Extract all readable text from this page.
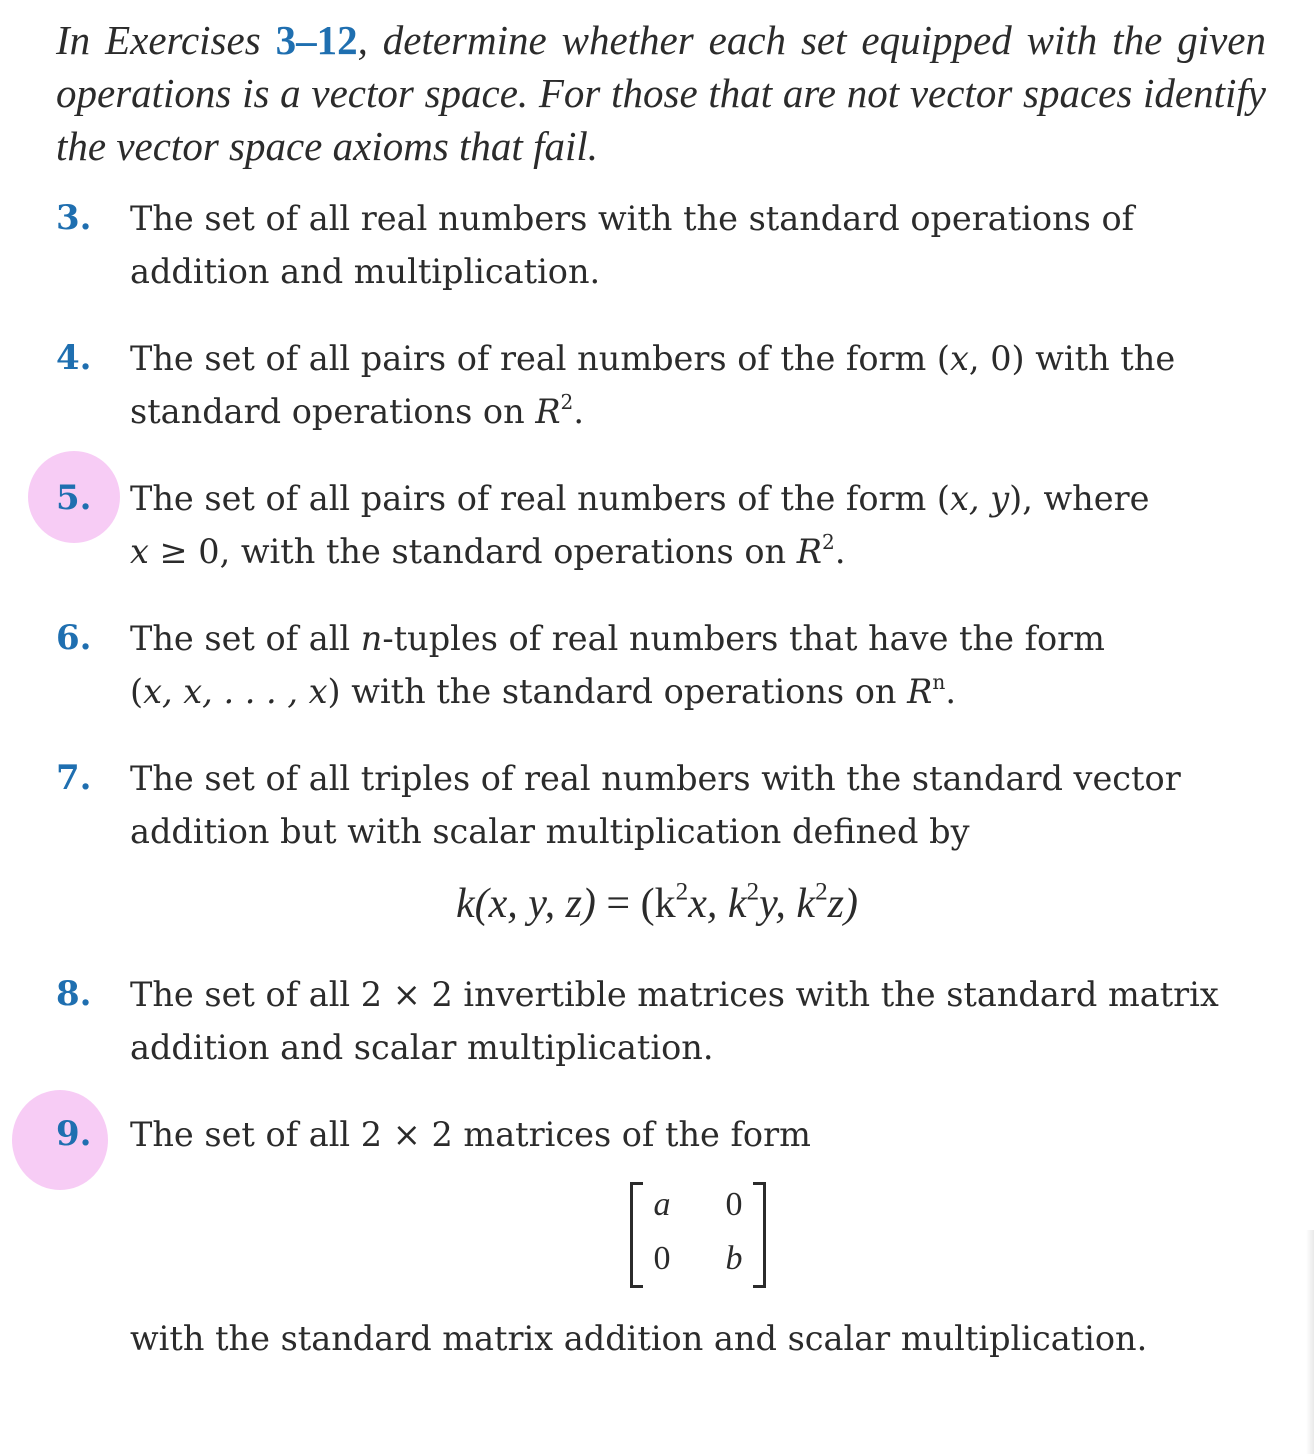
In Exercises 3–12, determine whether each set equipped with the given operations is a vector space. For those that are not vector spaces identify the vector space axioms that fail.
3. The set of all real numbers with the standard operations of
addition and multiplication.
4. The set of all pairs of real numbers of the form (x, 0) with the
standard operations on $R^2$.
5. The set of all pairs of real numbers of the form (x, y), where
x ≥ 0, with the standard operations on $R^2$.
6. The set of all n-tuples of real numbers that have the form
(x, x, . . . , x) with the standard operations on $R^n$.
7. The set of all triples of real numbers with the standard vector
addition but with scalar multiplication defined by
k(x, y, $z) = (k^2x$, $k^2y$, $k^2z$)
8. The set of all 2 × 2 invertible matrices with the standard matrix
addition and scalar multiplication.
9. The set of all 2 × 2 matrices of the form
a	0
0	b
with the standard matrix addition and scalar multiplication.
